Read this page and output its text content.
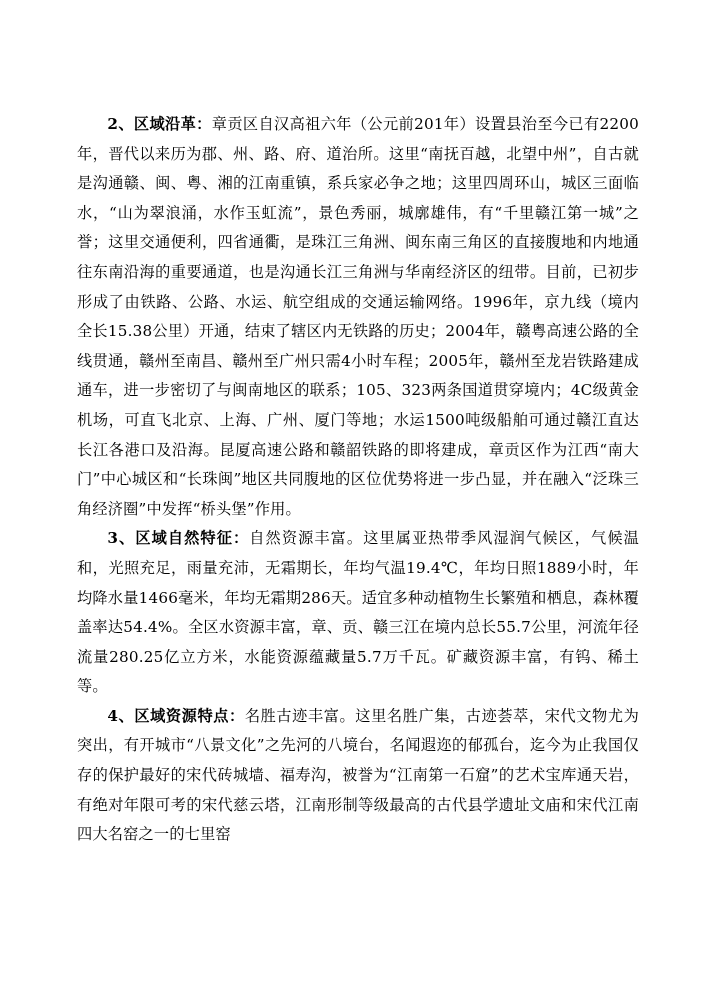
2、区域沿革：章贡区自汉高祖六年（公元前201年）设置县治至今已有2200年，晋代以来历为郡、州、路、府、道治所。这里“南抚百越，北望中州”，自古就是沟通赣、闽、粤、湘的江南重镇，系兵家必争之地；这里四周环山，城区三面临水，“山为翠浪涌，水作玉虹流”，景色秀丽，城廓雄伟，有“千里赣江第一城”之誉；这里交通便利，四省通衢，是珠江三角洲、闽东南三角区的直接腹地和内地通往东南沿海的重要通道，也是沟通长江三角洲与华南经济区的纽带。目前，已初步形成了由铁路、公路、水运、航空组成的交通运输网络。1996年，京九线（境内全长15.38公里）开通，结束了辖区内无铁路的历史；2004年，赣粤高速公路的全线贯通，赣州至南昌、赣州至广州只需4小时车程；2005年，赣州至龙岩铁路建成通车，进一步密切了与闽南地区的联系；105、323两条国道贯穿境内；4C级黄金机场，可直飞北京、上海、广州、厦门等地；水运1500吨级船舶可通过赣江直达长江各港口及沿海。昆厦高速公路和赣韶铁路的即将建成，章贡区作为江西“南大门”中心城区和“长珠闽”地区共同腹地的区位优势将进一步凸显，并在融入“泛珠三角经济圈”中发挥“桥头堡”作用。

3、区域自然特征：自然资源丰富。这里属亚热带季风湿润气候区，气候温和，光照充足，雨量充沛，无霜期长，年均气温19.4℃，年均日照1889小时，年均降水量1466毫米，年均无霜期286天。适宜多种动植物生长繁殖和栖息，森林覆盖率达54.4%。全区水资源丰富，章、贡、赣三江在境内总长55.7公里，河流年径流量280.25亿立方米，水能资源蕴藏量5.7万千瓦。矿藏资源丰富，有钨、稀土等。

4、区域资源特点：名胜古迹丰富。这里名胜广集，古迹荟萃，宋代文物尤为突出，有开城市“八景文化”之先河的八境台，名闻遐迩的郁孤台，迄今为止我国仅存的保护最好的宋代砖城墙、福寿沟，被誉为“江南第一石窟”的艺术宝库通天岩，有绝对年限可考的宋代慈云塔，江南形制等级最高的古代县学遗址文庙和宋代江南四大名窑之一的七里窑
